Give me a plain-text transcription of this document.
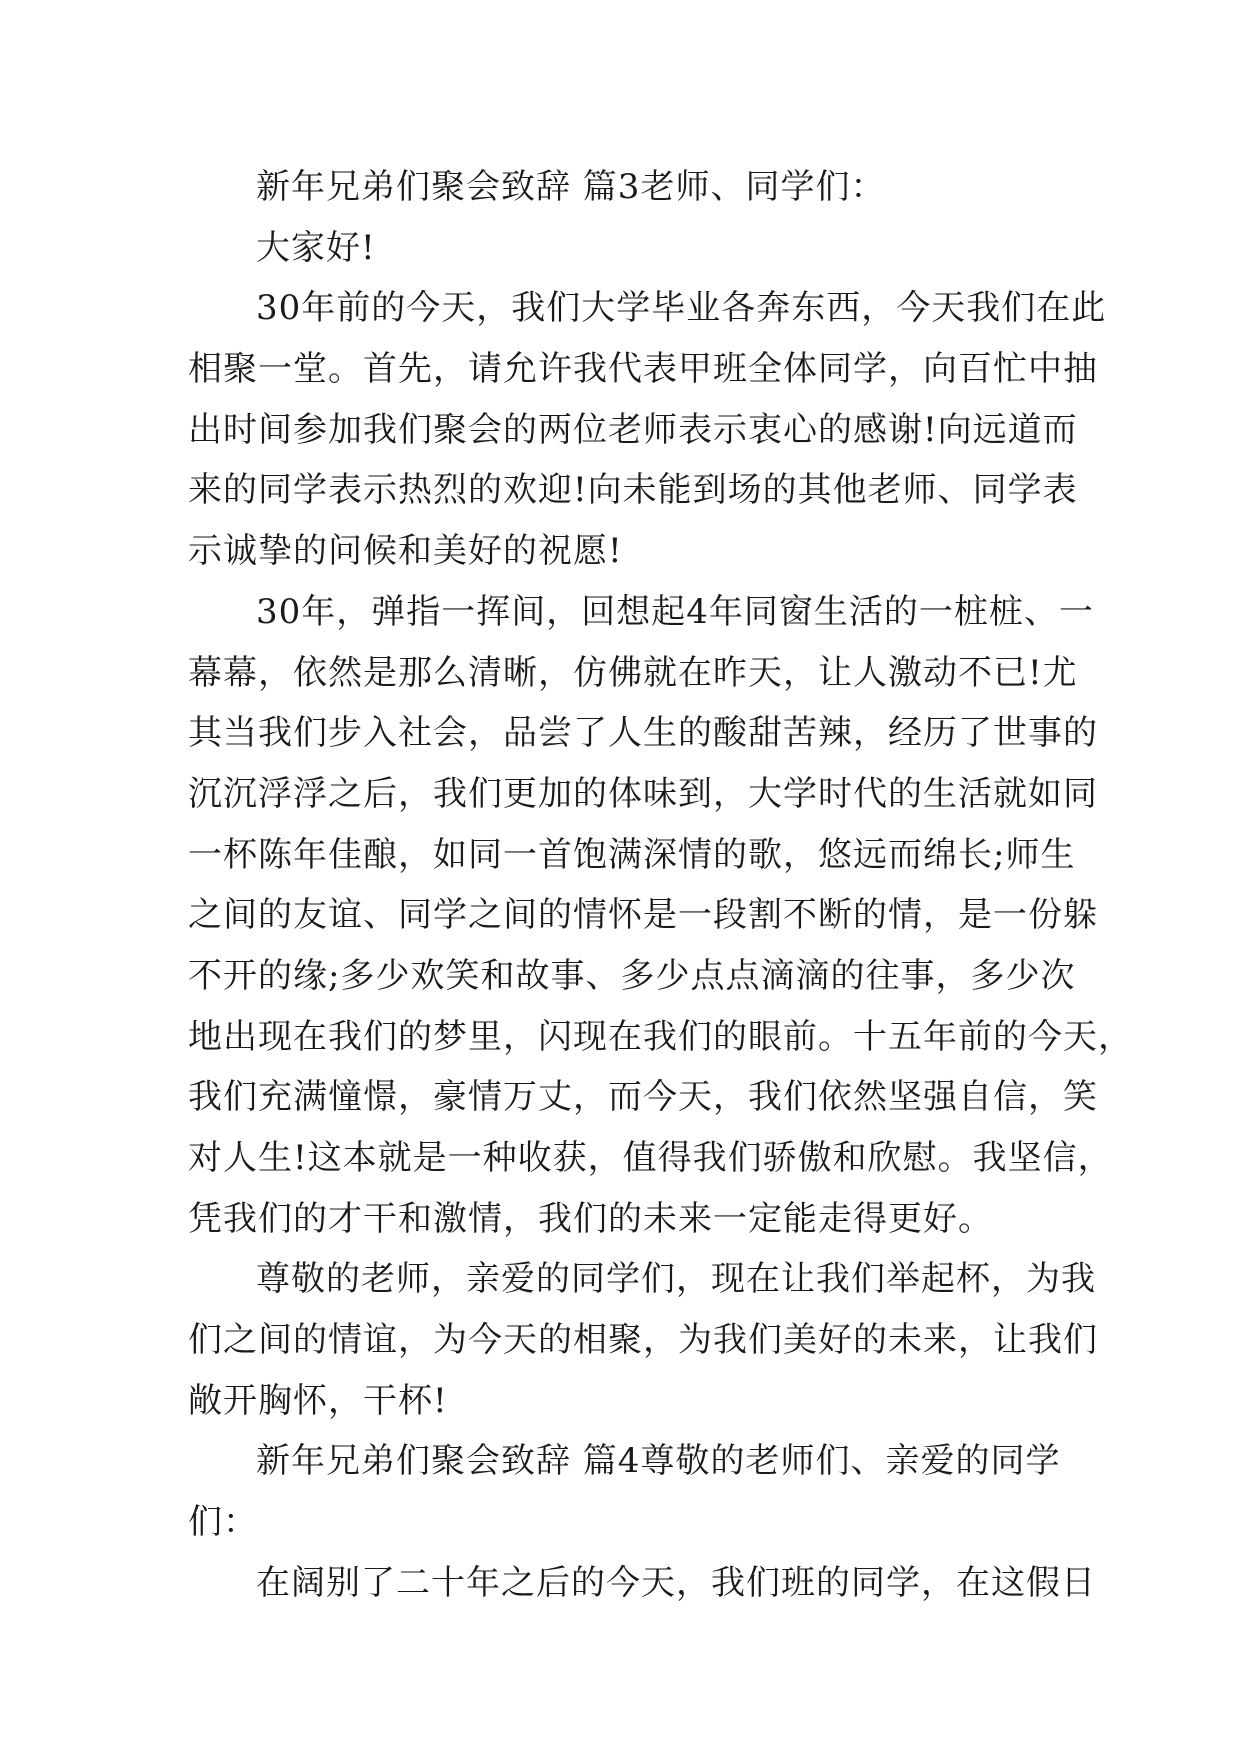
新年兄弟们聚会致辞 篇3老师、同学们：
大家好!
30年前的今天，我们大学毕业各奔东西，今天我们在此
相聚一堂。首先，请允许我代表甲班全体同学，向百忙中抽
出时间参加我们聚会的两位老师表示衷心的感谢!向远道而
来的同学表示热烈的欢迎!向未能到场的其他老师、同学表
示诚挚的问候和美好的祝愿!
30年，弹指一挥间，回想起4年同窗生活的一桩桩、一
幕幕，依然是那么清晰，仿佛就在昨天，让人激动不已!尤
其当我们步入社会，品尝了人生的酸甜苦辣，经历了世事的
沉沉浮浮之后，我们更加的体味到，大学时代的生活就如同
一杯陈年佳酿，如同一首饱满深情的歌，悠远而绵长;师生
之间的友谊、同学之间的情怀是一段割不断的情，是一份躲
不开的缘;多少欢笑和故事、多少点点滴滴的往事，多少次
地出现在我们的梦里，闪现在我们的眼前。十五年前的今天，
我们充满憧憬，豪情万丈，而今天，我们依然坚强自信，笑
对人生!这本就是一种收获，值得我们骄傲和欣慰。我坚信，
凭我们的才干和激情，我们的未来一定能走得更好。
尊敬的老师，亲爱的同学们，现在让我们举起杯，为我
们之间的情谊，为今天的相聚，为我们美好的未来，让我们
敞开胸怀，干杯!
新年兄弟们聚会致辞 篇4尊敬的老师们、亲爱的同学
们：
在阔别了二十年之后的今天，我们班的同学，在这假日
